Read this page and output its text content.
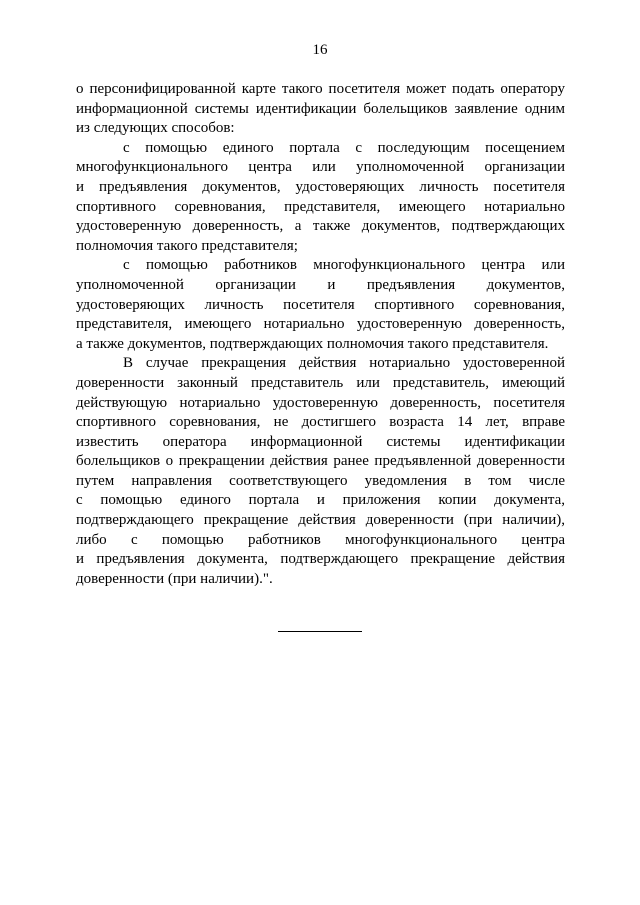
16
о персонифицированной карте такого посетителя может подать оператору
информационной системы идентификации болельщиков заявление одним
из следующих способов:
с помощью единого портала с последующим посещением
многофункционального центра или уполномоченной организации
и предъявления документов, удостоверяющих личность посетителя
спортивного соревнования, представителя, имеющего нотариально
удостоверенную доверенность, а также документов, подтверждающих
полномочия такого представителя;
с помощью работников многофункционального центра или
уполномоченной организации и предъявления документов,
удостоверяющих личность посетителя спортивного соревнования,
представителя, имеющего нотариально удостоверенную доверенность,
а также документов, подтверждающих полномочия такого представителя.
В случае прекращения действия нотариально удостоверенной
доверенности законный представитель или представитель, имеющий
действующую нотариально удостоверенную доверенность, посетителя
спортивного соревнования, не достигшего возраста 14 лет, вправе
известить оператора информационной системы идентификации
болельщиков о прекращении действия ранее предъявленной доверенности
путем направления соответствующего уведомления в том числе
с помощью единого портала и приложения копии документа,
подтверждающего прекращение действия доверенности (при наличии),
либо с помощью работников многофункционального центра
и предъявления документа, подтверждающего прекращение действия
доверенности (при наличии).".
